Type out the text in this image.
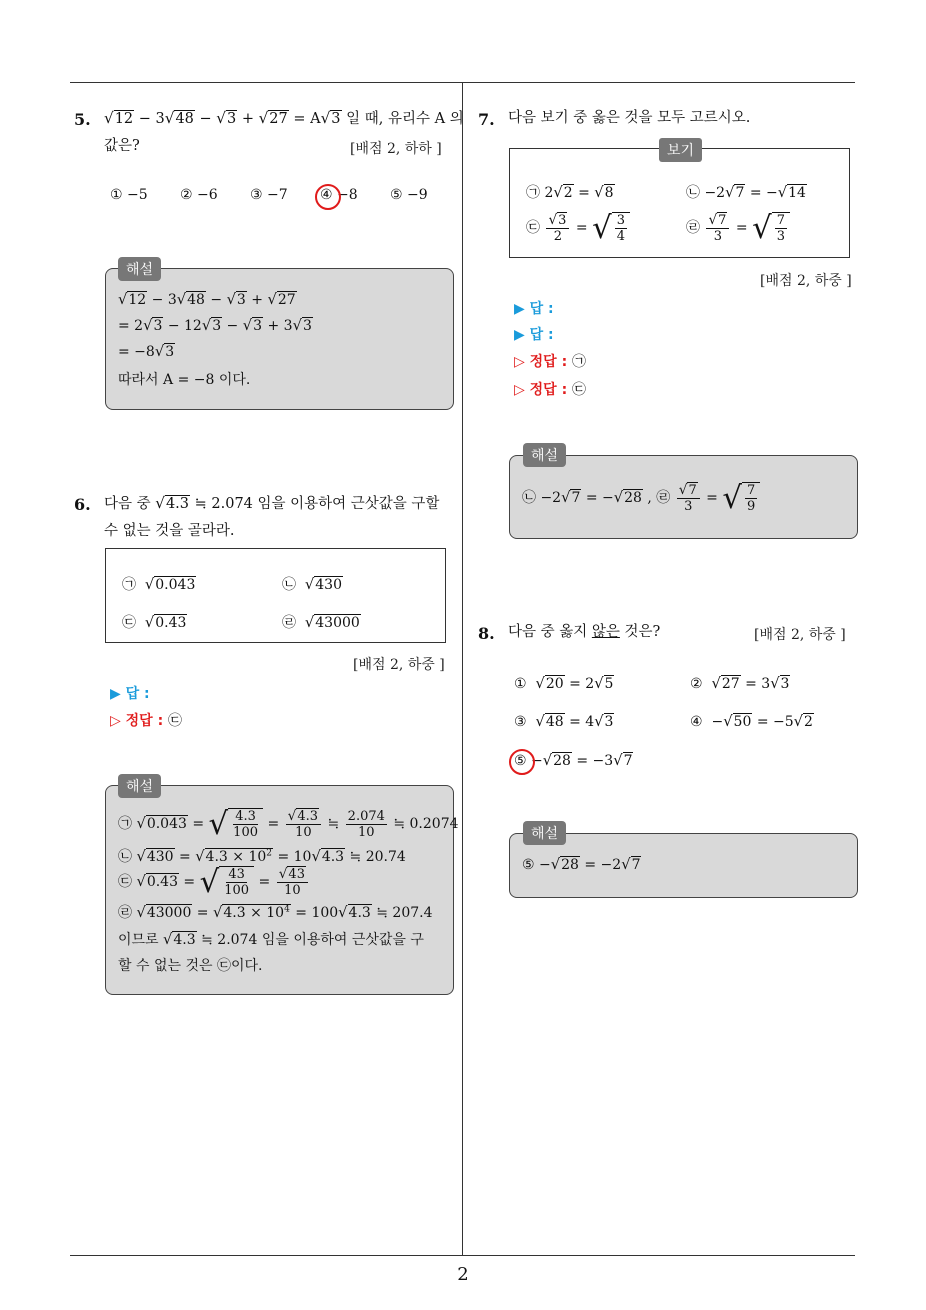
5. √12 − 3√48 − √3 + √27 = A√3 일 때, 유리수 A 의
값은?	[배점 2, 하하 ]
① −5 ② −6 ③ −7 ④ −8 ⑤ −9
해설
√12 − 3√48 − √3 + √27
= 2√3 − 12√3 − √3 + 3√3
= −8√3
따라서 A = −8 이다.
6. 다음 중 √4.3 ≒ 2.074 임을 이용하여 근삿값을 구할
수 없는 것을 골라라.
㉠ √0.043	㉡ √430
㉢ √0.43	㉣ √43000
[배점 2, 하중 ]
▶ 답 :
▷ 정답 : ㉢
해설
㉠ √0.043 = √ $\frac{4.3}{100} = \frac{√4.3}{10}$ ≒ $\frac{2.074}{10}$ ≒ 0.2074
㉡ $√430 = √4.3 \times 10^2 = 10√4.3$ ≒ 20.74
㉢ √0.43 = √ $\frac{43}{100} = \frac{√43}{10}$
㉣ $√43000 = √4.3 \times 10^4 = 100√4.3$ ≒ 207.4
이므로 √4.3 ≒ 2.074 임을 이용하여 근삿값을 구
할 수 없는 것은 ㉢이다.
7. 다음 보기 중 옳은 것을 모두 고르시오.
보기
㉠ 2√2 = √8	㉡ −2√7 = −√14
㉢ $\frac{√3}{2}$ = √ $\frac{3}{4}$	㉣ $\frac{√7}{3}$ = √ $\frac{7}{3}$
[배점 2, 하중 ]
▶ 답 :
▶ 답 :
▷ 정답 : ㉠
▷ 정답 : ㉢
해설
㉡ −2√7 = −√28 , ㉣ $\frac{√7}{3}$ = √ $\frac{7}{9}$
8. 다음 중 옳지 않은 것은?	[배점 2, 하중 ]
①  √20 = 2√5	②  √27 = 3√3
③  √48 = 4√3	④  −√50 = −5√2
⑤ −√28 = −3√7
해설
⑤ −√28 = −2√7
2
